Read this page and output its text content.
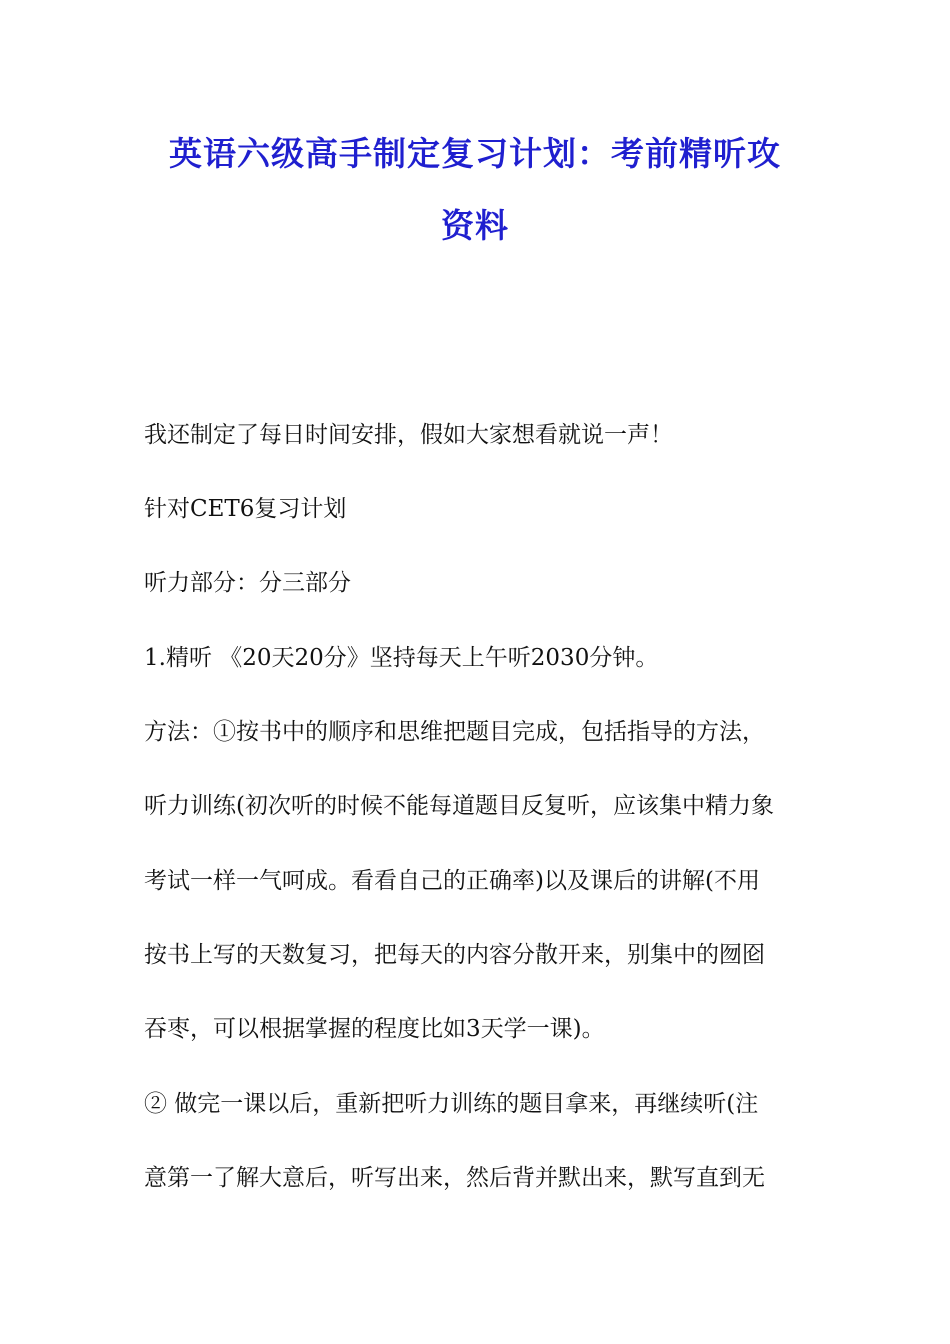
英语六级高手制定复习计划：考前精听攻
资料

我还制定了每日时间安排，假如大家想看就说一声！

针对CET6复习计划

听力部分：分三部分

1.精听 《20天20分》坚持每天上午听2030分钟。

方法：①按书中的顺序和思维把题目完成，包括指导的方法，

听力训练(初次听的时候不能每道题目反复听，应该集中精力象

考试一样一气呵成。看看自己的正确率)以及课后的讲解(不用

按书上写的天数复习，把每天的内容分散开来，别集中的囫囵

吞枣，可以根据掌握的程度比如3天学一课)。

② 做完一课以后，重新把听力训练的题目拿来，再继续听(注

意第一了解大意后，听写出来，然后背并默出来，默写直到无
